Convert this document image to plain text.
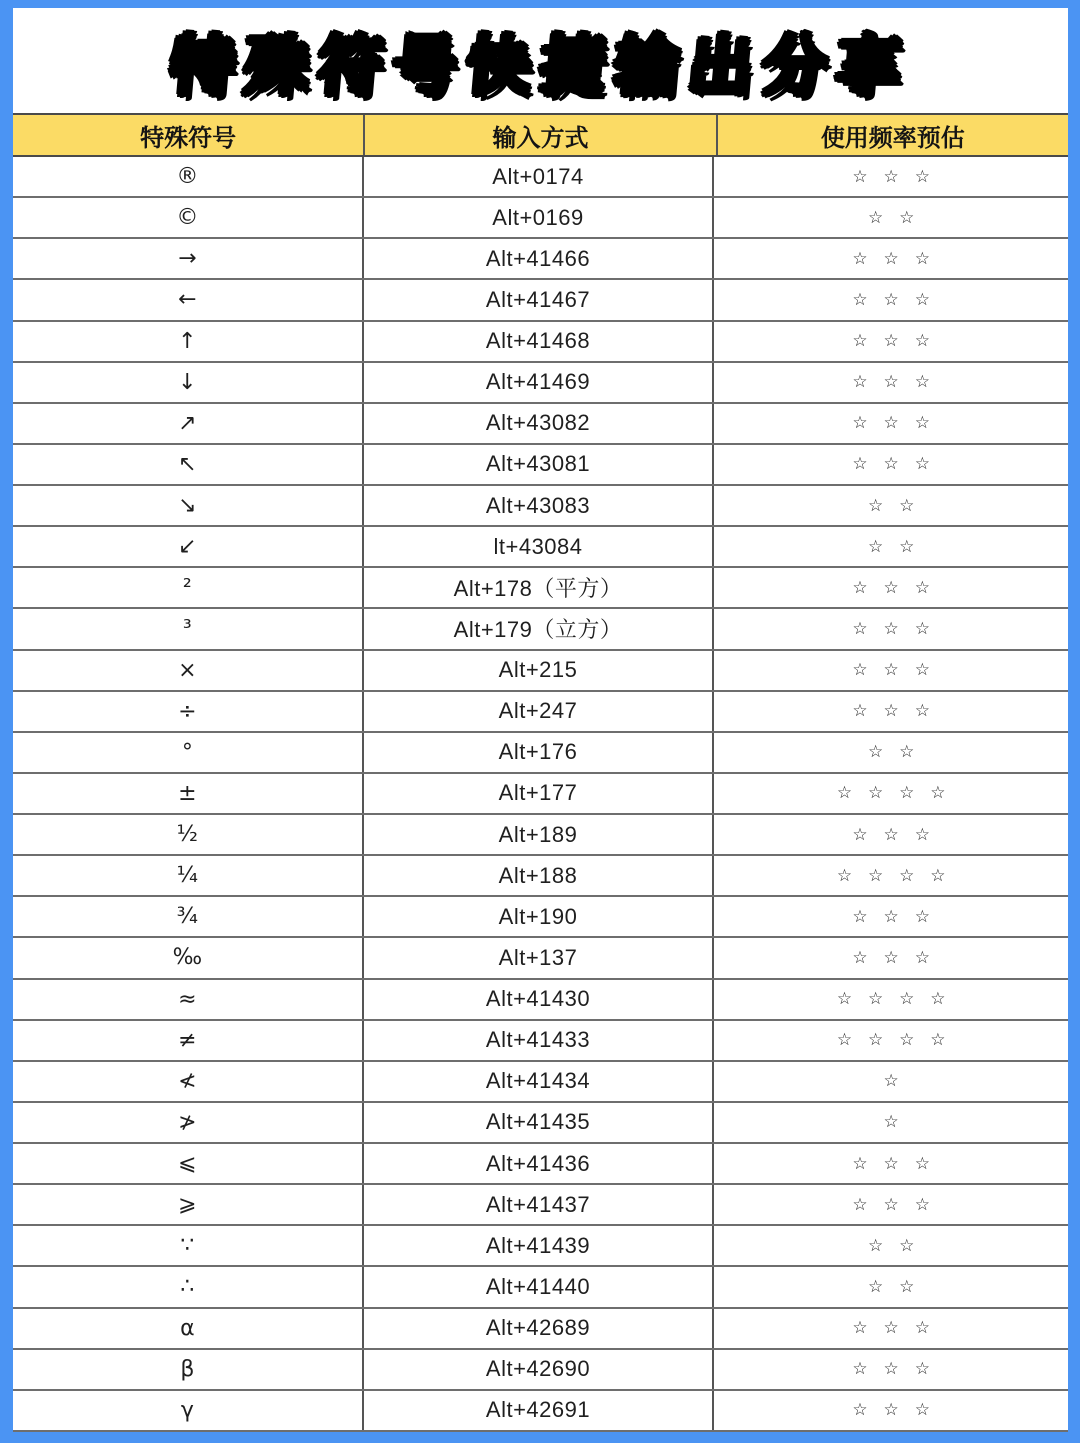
特殊符号快捷输出分享
特殊符号	输入方式	使用频率预估
®	Alt+0174	☆ ☆ ☆
©	Alt+0169	☆ ☆
→	Alt+41466	☆ ☆ ☆
←	Alt+41467	☆ ☆ ☆
↑	Alt+41468	☆ ☆ ☆
↓	Alt+41469	☆ ☆ ☆
↗	Alt+43082	☆ ☆ ☆
↖	Alt+43081	☆ ☆ ☆
↘	Alt+43083	☆ ☆
↙	lt+43084	☆ ☆
²	Alt+178（平方）	☆ ☆ ☆
³	Alt+179（立方）	☆ ☆ ☆
×	Alt+215	☆ ☆ ☆
÷	Alt+247	☆ ☆ ☆
°	Alt+176	☆ ☆
±	Alt+177	☆ ☆ ☆ ☆
½	Alt+189	☆ ☆ ☆
¼	Alt+188	☆ ☆ ☆ ☆
¾	Alt+190	☆ ☆ ☆
‰	Alt+137	☆ ☆ ☆
≈	Alt+41430	☆ ☆ ☆ ☆
≠	Alt+41433	☆ ☆ ☆ ☆
≮	Alt+41434	☆
≯	Alt+41435	☆
⩽	Alt+41436	☆ ☆ ☆
⩾	Alt+41437	☆ ☆ ☆
∵	Alt+41439	☆ ☆
∴	Alt+41440	☆ ☆
α	Alt+42689	☆ ☆ ☆
β	Alt+42690	☆ ☆ ☆
γ	Alt+42691	☆ ☆ ☆
